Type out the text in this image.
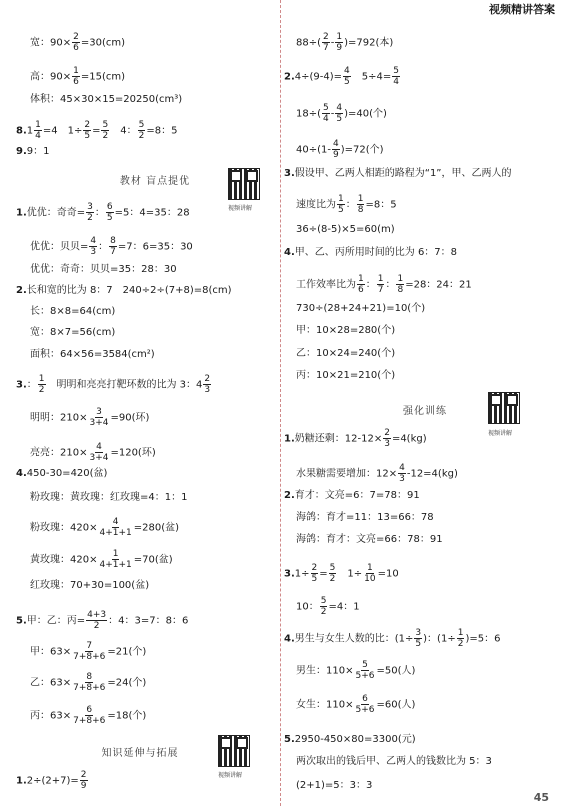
视频精讲答案
宽：$90\times \frac{2}{6} =30(cm)$
高：$90\times \frac{1}{6} =15(cm)$
体积：45×30×15=20250(cm³)
$8.1 \frac{1}{4} =4$　$1\div \frac{2}{5} = \frac{5}{2}$ 　4： $\frac{5}{2} =8$：5
9.9：1
1.优优：奇奇= $\frac{3}{2}$ ： $\frac{6}{5} =5$：4=35：28
优优：贝贝= $\frac{4}{3}$ ： $\frac{8}{7} =7$：6=35：30
优优：奇奇：贝贝=35：28：30
2.长和宽的比为 8：7　240÷2÷(7+8)=8(cm)
长：8×8=64(cm)
宽：8×7=56(cm)
面积：64×56=3584(cm²)
3.： $\frac{1}{2}$ 　明明和亮亮打靶环数的比为 3：$4 \frac{2}{3}$
明明：$210\times \frac{3}{3+4} =90$(环)
亮亮：$210\times \frac{4}{3+4} =120$(环)
4.450-30=420(盆)
粉玫瑰：黄玫瑰：红玫瑰=4：1：1
粉玫瑰：$420\times \frac{4}{4+1+1} =280$(盆)
黄玫瑰：$420\times \frac{1}{4+1+1} =70$(盆)
红玫瑰：70+30=100(盆)
5.甲：乙：丙= $\frac{4+3}{2}$ ：4：3=7：8：6
甲：$63\times \frac{7}{7+8+6} =21$(个)
乙：$63\times \frac{8}{7+8+6} =24$(个)
丙：$63\times \frac{6}{7+8+6} =18$(个)
$1.2\div(2+7)= \frac{2}{9}$
$88\div( \frac{2}{7} - \frac{1}{9} )=792$(本)
$2.4\div(9-4)= \frac{4}{5}$ 　$5\div 4= \frac{5}{4}$
$18\div( \frac{5}{4} - \frac{4}{5} )=40$(个)
$40\div(1- \frac{4}{9} )=72$(个)
3.假设甲、乙两人相距的路程为“1”，甲、乙两人的
速度比为 $\frac{1}{5}$ ： $\frac{1}{8} =8$：5
36÷(8-5)×5=60(m)
4.甲、乙、丙所用时间的比为 6：7：8
工作效率比为 $\frac{1}{6}$ ： $\frac{1}{7}$ ： $\frac{1}{8} =28$：24：21
730÷(28+24+21)=10(个)
甲：10×28=280(个)
乙：10×24=240(个)
丙：10×21=210(个)
1.奶糖还剩：$12-12\times \frac{2}{3} =4(kg)$
水果糖需要增加：$12\times \frac{4}{3} -12=4(kg)$
2.育才：文亮=6：7=78：91
海鸽：育才=11：13=66：78
海鸽：育才：文亮=66：78：91
$3.1\div \frac{2}{5} = \frac{5}{2}$ 　$1\div \frac{1}{10} =10$
10： $\frac{5}{2} =4$：1
4.男生与女生人数的比：($1\div \frac{3}{5}$ )：$(1\div \frac{1}{2} )=5$：6
男生：$110\times \frac{5}{5+6} =50$(人)
女生：$110\times \frac{6}{5+6} =60$(人)
5.2950-450×80=3300(元)
两次取出的钱后甲、乙两人的钱数比为 5：3
(2+1)=5：3：3
教材 盲点提优
视频讲解
强化训练
视频讲解
知识延伸与拓展
视频讲解
45
